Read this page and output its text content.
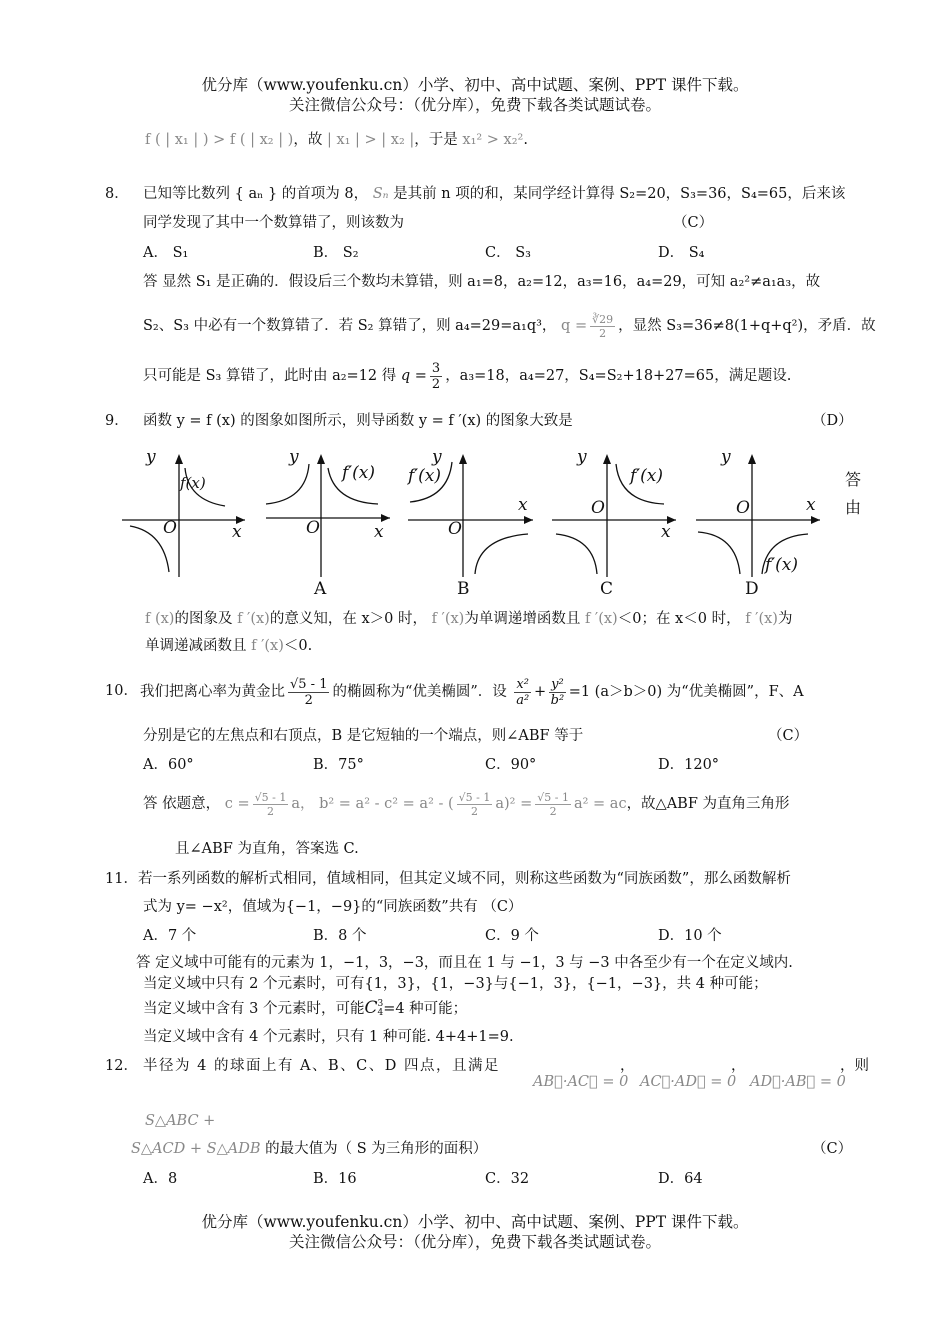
优分库（www.youfenku.cn）小学、初中、高中试题、案例、PPT 课件下载。
关注微信公众号：（优分库），免费下载各类试题试卷。
f ( | x₁ | ) > f ( | x₂ | )，故 | x₁ | > | x₂ |，于是 x₁² > x₂².
8． 已知等比数列 { aₙ } 的首项为 8， Sₙ 是其前 n 项的和，某同学经计算得 S₂=20，S₃=36，S₄=65，后来该
同学发现了其中一个数算错了，则该数为	（C）
A． S₁	B． S₂	C． S₃	D． S₄
答 显然 S₁ 是正确的．假设后三个数均未算错，则 a₁=8，a₂=12，a₃=16，a₄=29，可知 a₂²≠a₁a₃，故
S₂、S₃ 中必有一个数算错了．若 S₂ 算错了，则 a₄=29=a₁q³， $q = \frac{∛29}{2}$ ，显然 S₃=36≠8(1+q+q²)，矛盾．故
只可能是 S₃ 算错了，此时由 a₂=12 得 $q = \frac{3}{2}$ ，a₃=18，a₄=27，S₄=S₂+18+27=65，满足题设.
9． 函数 y = f (x) 的图象如图所示，则导函数 y = f ′(x) 的图象大致是	（D）
答
由
y
x
O
f(x)
y
x
O
f′(x)
y
x
O
f′(x)
y
x
O
f′(x)
y
x
O
f′(x)
A	B	C	D
f (x)的图象及 f ′(x)的意义知，在 x＞0 时， f ′(x)为单调递增函数且 f ′(x)＜0；在 x＜0 时， f ′(x)为
单调递减函数且 f ′(x)＜0.
10． 我们把离心率为黄金比 $\frac{√5 - 1}{2}$ 的椭圆称为“优美椭圆”．设 $\frac{\text{x²}}{\text{a²}} + \frac{\text{y²}}{\text{b²}} =1$ (a＞b＞0) 为“优美椭圆”，F、A
分别是它的左焦点和右顶点，B 是它短轴的一个端点，则∠ABF 等于	（C）
A．60°	B．75°	C．90°	D．120°
答 依题意， $c = \frac{√5 - 1}{2}$ a， b² = a² - c² = a² - ( $\frac{√5 - 1}{2} a)^2 = \frac{√5 - 1}{2} a^2$ = ac，故△ABF 为直角三角形
且∠ABF 为直角，答案选 C.
11． 若一系列函数的解析式相同，值域相同，但其定义域不同，则称这些函数为“同族函数”，那么函数解析
式为 y= −x²，值域为{−1，−9}的“同族函数”共有 （C）
A．7 个	B．8 个	C．9 个	D．10 个
答 定义域中可能有的元素为 1，−1，3，−3，而且在 1 与 −1，3 与 −3 中各至少有一个在定义域内.
当定义域中只有 2 个元素时，可有{1，3}，{1，−3}与{−1，3}，{−1，−3}，共 4 种可能；
当定义域中含有 3 个元素时，可能C 3
4 =4 种可能；
当定义域中含有 4 个元素时，只有 1 种可能. 4+4+1=9.
12． 半径为 4 的球面上有 A、B、C、D 四点，且满足
AB⃗·AC⃗ = 0
，
AC⃗·AD⃗ = 0
，
AD⃗·AB⃗ = 0
，则
S△ABC +
S△ACD + S△ADB 的最大值为（ S 为三角形的面积）	（C）
A．8	B．16	C．32	D．64
优分库（www.youfenku.cn）小学、初中、高中试题、案例、PPT 课件下载。
关注微信公众号：（优分库），免费下载各类试题试卷。
